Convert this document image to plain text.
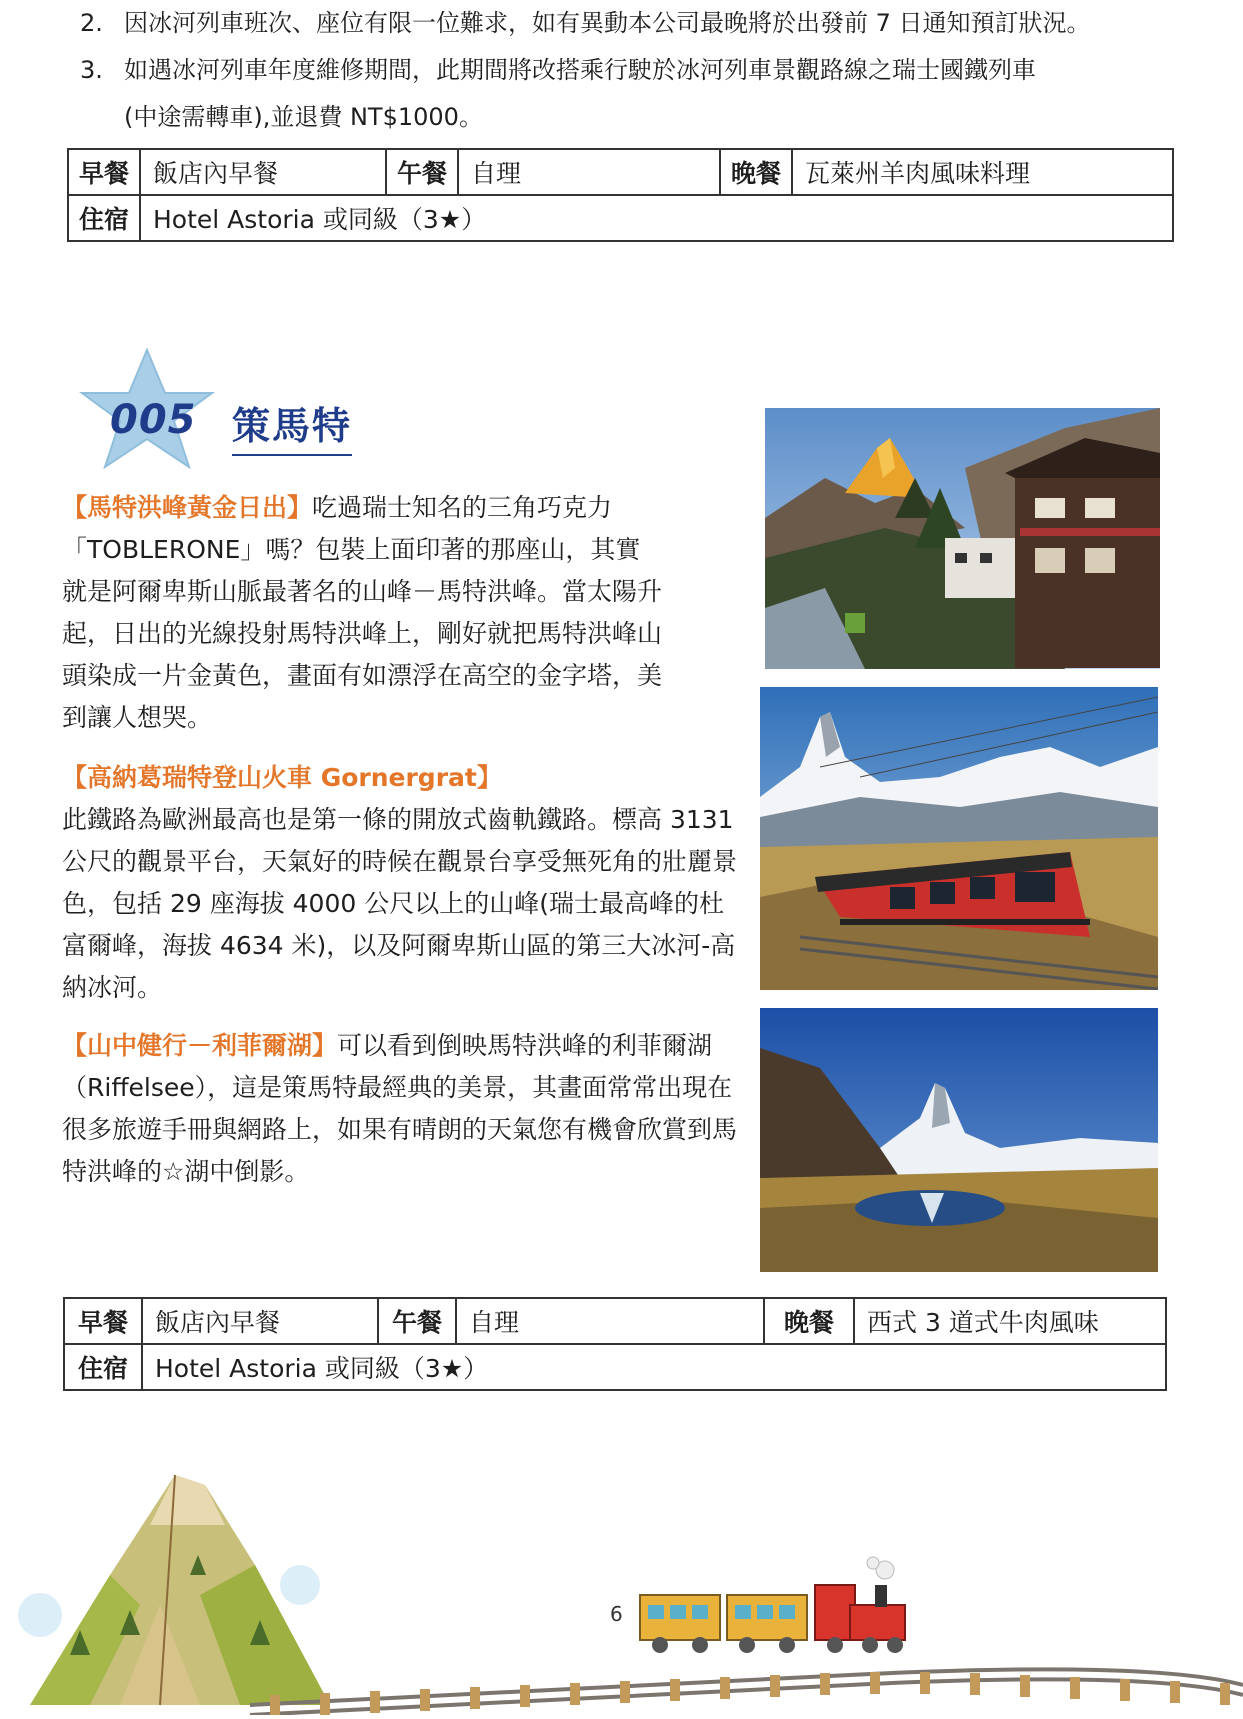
2. 因冰河列車班次、座位有限一位難求，如有異動本公司最晚將於出發前 7 日通知預訂狀況。
3. 如遇冰河列車年度維修期間，此期間將改搭乘行駛於冰河列車景觀路線之瑞士國鐵列車
(中途需轉車),並退費 NT$1000。
早餐	飯店內早餐	午餐	自理	晚餐	瓦萊州羊肉風味料理
住宿	Hotel Astoria 或同級（3★）				
005 策馬特
【馬特洪峰黃金日出】吃過瑞士知名的三角巧克力「TOBLERONE」嗎？包裝上面印著的那座山，其實就是阿爾卑斯山脈最著名的山峰－馬特洪峰。當太陽升起，日出的光線投射馬特洪峰上，剛好就把馬特洪峰山頭染成一片金黃色，畫面有如漂浮在高空的金字塔，美到讓人想哭。
【高納葛瑞特登山火車 Gornergrat】
此鐵路為歐洲最高也是第一條的開放式齒軌鐵路。標高 3131 公尺的觀景平台，天氣好的時候在觀景台享受無死角的壯麗景色，包括 29 座海拔 4000 公尺以上的山峰(瑞士最高峰的杜富爾峰，海拔 4634 米)，以及阿爾卑斯山區的第三大冰河-高納冰河。
【山中健行－利菲爾湖】可以看到倒映馬特洪峰的利菲爾湖（Riffelsee），這是策馬特最經典的美景，其畫面常常出現在很多旅遊手冊與網路上，如果有晴朗的天氣您有機會欣賞到馬特洪峰的☆湖中倒影。
早餐	飯店內早餐	午餐	自理	晚餐	西式 3 道式牛肉風味
住宿	Hotel Astoria 或同級（3★）				
6
